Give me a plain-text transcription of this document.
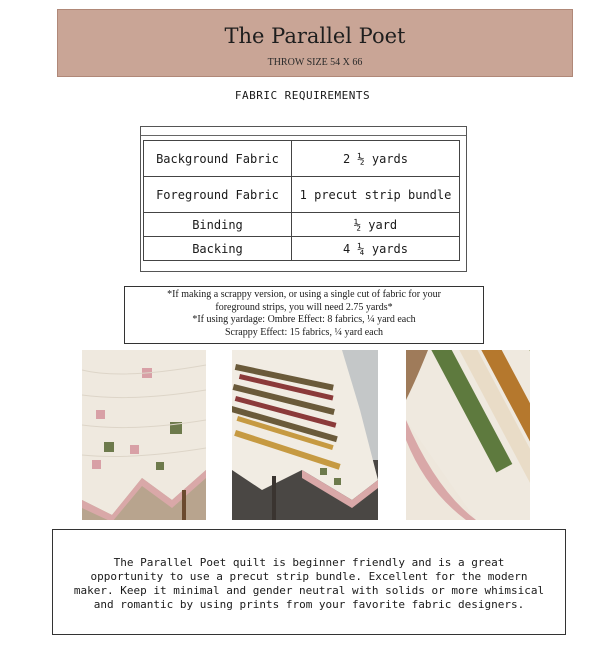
The Parallel Poet
THROW SIZE 54 X 66
FABRIC REQUIREMENTS
Background Fabric	2 ½ yards
Foreground Fabric	1 precut strip bundle
Binding	½ yard
Backing	4 ¼ yards
*If making a scrappy version, or using a single cut of fabric for your
foreground strips, you will need 2.75 yards*
*If using yardage: Ombre Effect: 8 fabrics, ¼ yard each
Scrappy Effect: 15 fabrics, ¼ yard each

The Parallel Poet quilt is beginner friendly and is a great
opportunity to use a precut strip bundle. Excellent for the modern
maker. Keep it minimal and gender neutral with solids or more whimsical
and romantic by using prints from your favorite fabric designers.
